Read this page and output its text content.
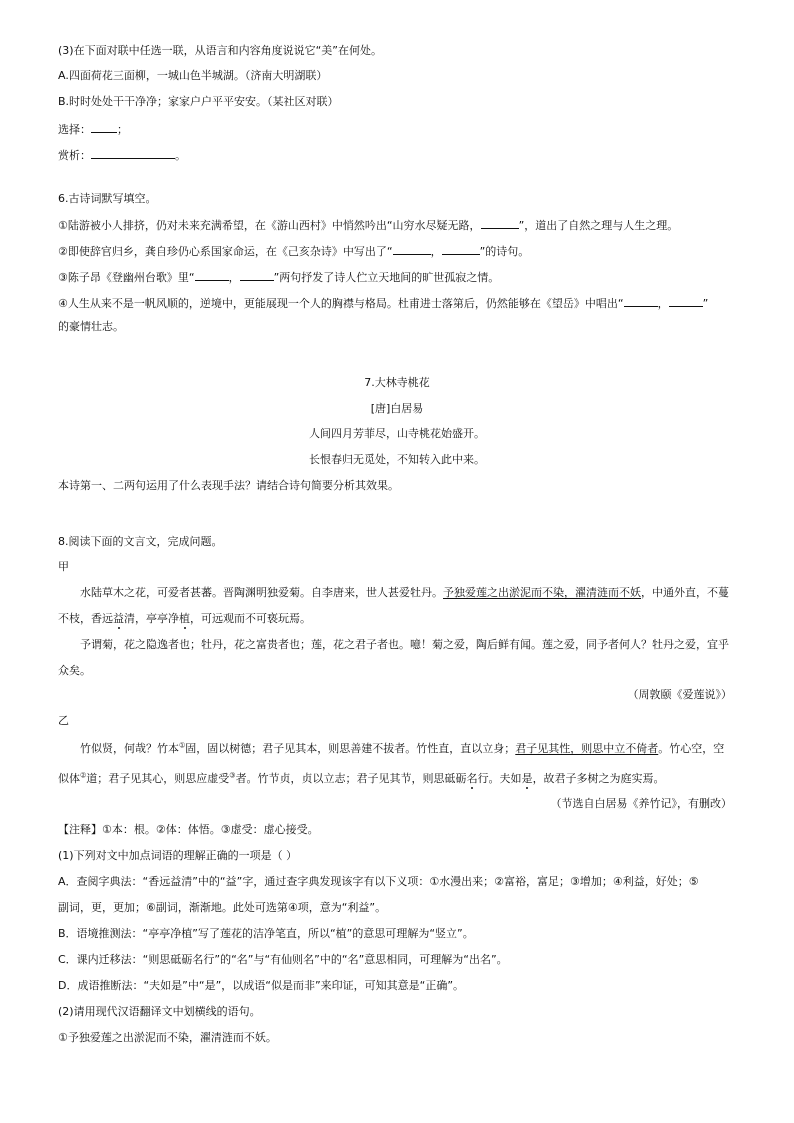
(3)在下面对联中任选一联，从语言和内容角度说说它“美”在何处。
A.四面荷花三面柳，一城山色半城湖。（济南大明湖联）
B.时时处处干干净净；家家户户平平安安。（某社区对联）
选择： ；
赏析：	。
6.古诗词默写填空。
①陆游被小人排挤，仍对未来充满希望，在《游山西村》中悄然吟出“山穷水尽疑无路，	”，道出了自然之理与人生之理。
②即使辞官归乡，龚自珍仍心系国家命运，在《己亥杂诗》中写出了“	，	”的诗句。
③陈子昂《登幽州台歌》里“	，	”两句抒发了诗人伫立天地间的旷世孤寂之情。
④人生从来不是一帆风顺的，逆境中，更能展现一个人的胸襟与格局。杜甫进士落第后，仍然能够在《望岳》中唱出“	，	”
的豪情壮志。
7.大林寺桃花
[唐]白居易
人间四月芳菲尽，山寺桃花始盛开。
长恨春归无觅处，不知转入此中来。
本诗第一、二两句运用了什么表现手法？请结合诗句简要分析其效果。
8.阅读下面的文言文，完成问题。
甲
水陆草木之花，可爱者甚蕃。晋陶渊明独爱菊。自李唐来，世人甚爱牡丹。予独爱莲之出淤泥而不染，濯清涟而不妖，中通外直，不蔓
不枝，香远益清，亭亭净植，可远观而不可亵玩焉。
予谓菊，花之隐逸者也；牡丹，花之富贵者也；莲，花之君子者也。噫！菊之爱，陶后鲜有闻。莲之爱，同予者何人？牡丹之爱，宜乎
众矣。
（周敦颐《爱莲说》）
乙
竹似贤，何哉？竹本①固，固以树德；君子见其本，则思善建不拔者。竹性直，直以立身；君子见其性，则思中立不倚者。竹心空，空
似体②道；君子见其心，则思应虚受③者。竹节贞，贞以立志；君子见其节，则思砥砺名行。夫如是，故君子多树之为庭实焉。
（节选自白居易《养竹记》，有删改）
【注释】①本：根。②体：体悟。③虚受：虚心接受。
(1)下列对文中加点词语的理解正确的一项是（ ）
A．查阅字典法：“香远益清”中的“益”字，通过查字典发现该字有以下义项：①水漫出来；②富裕，富足；③增加；④利益，好处；⑤
副词，更，更加；⑥副词，渐渐地。此处可选第④项，意为“利益”。
B．语境推测法：“亭亭净植”写了莲花的洁净笔直，所以“植”的意思可理解为“竖立”。
C．课内迁移法：“则思砥砺名行”的“名”与“有仙则名”中的“名”意思相同，可理解为“出名”。
D．成语推断法：“夫如是”中“是”，以成语“似是而非”来印证，可知其意是“正确”。
(2)请用现代汉语翻译文中划横线的语句。
①予独爱莲之出淤泥而不染，濯清涟而不妖。
